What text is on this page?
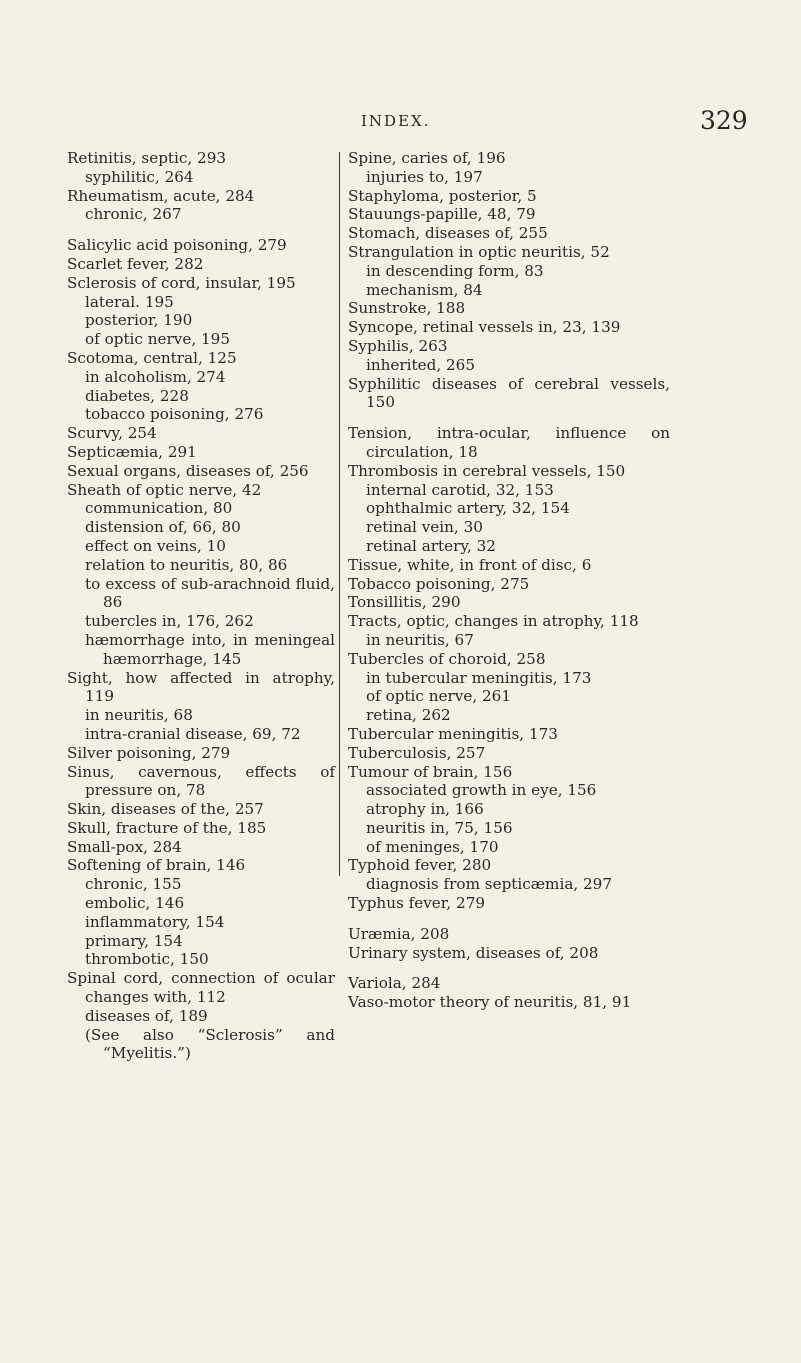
INDEX.	329
Retinitis, septic, 293
syphilitic, 264
Rheumatism, acute, 284
chronic, 267
Salicylic acid poisoning, 279
Scarlet fever, 282
Sclerosis of cord, insular, 195
lateral. 195
posterior, 190
of optic nerve, 195
Scotoma, central, 125
in alcoholism, 274
diabetes, 228
tobacco poisoning, 276
Scurvy, 254
Septicæmia, 291
Sexual organs, diseases of, 256
Sheath of optic nerve, 42
communication, 80
distension of, 66, 80
effect on veins, 10
relation to neuritis, 80, 86
to excess of sub-arachnoid fluid, 86
tubercles in, 176, 262
hæmorrhage into, in meningeal hæmorrhage, 145
Sight, how affected in atrophy, 119
in neuritis, 68
intra-cranial disease, 69, 72
Silver poisoning, 279
Sinus, cavernous, effects of pressure on, 78
Skin, diseases of the, 257
Skull, fracture of the, 185
Small-pox, 284
Softening of brain, 146
chronic, 155
embolic, 146
inflammatory, 154
primary, 154
thrombotic, 150
Spinal cord, connection of ocular changes with, 112
diseases of, 189
(See also “Sclerosis” and “Myelitis.”)
Spine, caries of, 196
injuries to, 197
Staphyloma, posterior, 5
Stauungs-papille, 48, 79
Stomach, diseases of, 255
Strangulation in optic neuritis, 52
in descending form, 83
mechanism, 84
Sunstroke, 188
Syncope, retinal vessels in, 23, 139
Syphilis, 263
inherited, 265
Syphilitic diseases of cerebral vessels, 150
Tension, intra-ocular, influence on circulation, 18
Thrombosis in cerebral vessels, 150
internal carotid, 32, 153
ophthalmic artery, 32, 154
retinal vein, 30
retinal artery, 32
Tissue, white, in front of disc, 6
Tobacco poisoning, 275
Tonsillitis, 290
Tracts, optic, changes in atrophy, 118
in neuritis, 67
Tubercles of choroid, 258
in tubercular meningitis, 173
of optic nerve, 261
retina, 262
Tubercular meningitis, 173
Tuberculosis, 257
Tumour of brain, 156
associated growth in eye, 156
atrophy in, 166
neuritis in, 75, 156
of meninges, 170
Typhoid fever, 280
diagnosis from septicæmia, 297
Typhus fever, 279
Uræmia, 208
Urinary system, diseases of, 208
Variola, 284
Vaso-motor theory of neuritis, 81, 91
